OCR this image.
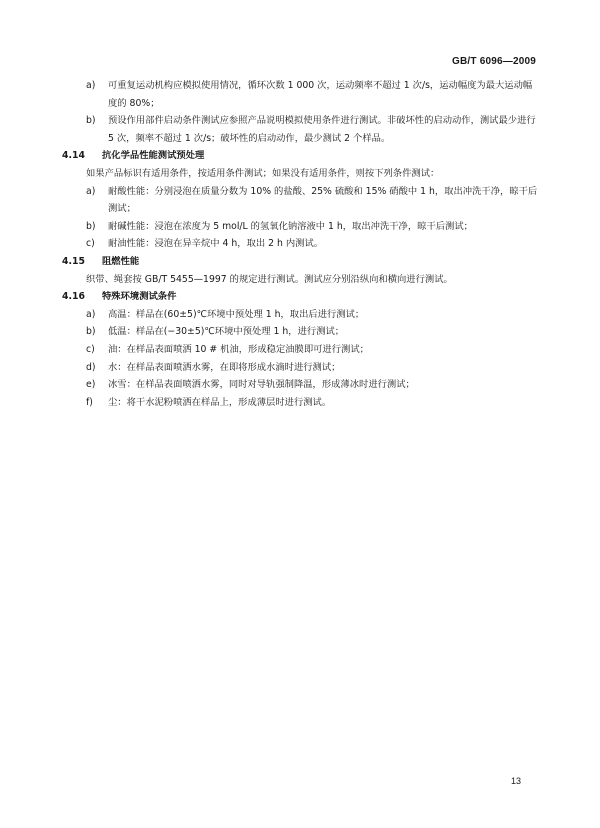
GB/T 6096—2009
a)	可重复运动机构应模拟使用情况，循环次数 1 000 次，运动频率不超过 1 次/s，运动幅度为最大运动幅度的 80%；
b)	预设作用部件启动条件测试应参照产品说明模拟使用条件进行测试。非破坏性的启动动作，测试最少进行 5 次，频率不超过 1 次/s；破坏性的启动动作，最少测试 2 个样品。
4.14 抗化学品性能测试预处理
如果产品标识有适用条件，按适用条件测试；如果没有适用条件，则按下列条件测试：
a)	耐酸性能：分别浸泡在质量分数为 10% 的盐酸、25% 硫酸和 15% 硝酸中 1 h，取出冲洗干净，晾干后测试；
b)	耐碱性能：浸泡在浓度为 5 mol/L 的氢氧化钠溶液中 1 h，取出冲洗干净，晾干后测试；
c)	耐油性能：浸泡在异辛烷中 4 h，取出 2 h 内测试。
4.15 阻燃性能
织带、绳套按 GB/T 5455—1997 的规定进行测试。测试应分别沿纵向和横向进行测试。
4.16 特殊环境测试条件
a)	高温：样品在(60±5)℃环境中预处理 1 h，取出后进行测试；
b)	低温：样品在(−30±5)℃环境中预处理 1 h，进行测试；
c)	油：在样品表面喷洒 10 # 机油，形成稳定油膜即可进行测试；
d)	水：在样品表面喷洒水雾，在即将形成水滴时进行测试；
e)	冰雪：在样品表面喷洒水雾，同时对导轨强制降温，形成薄冰时进行测试；
f)	尘：将干水泥粉喷洒在样品上，形成薄层时进行测试。
13
